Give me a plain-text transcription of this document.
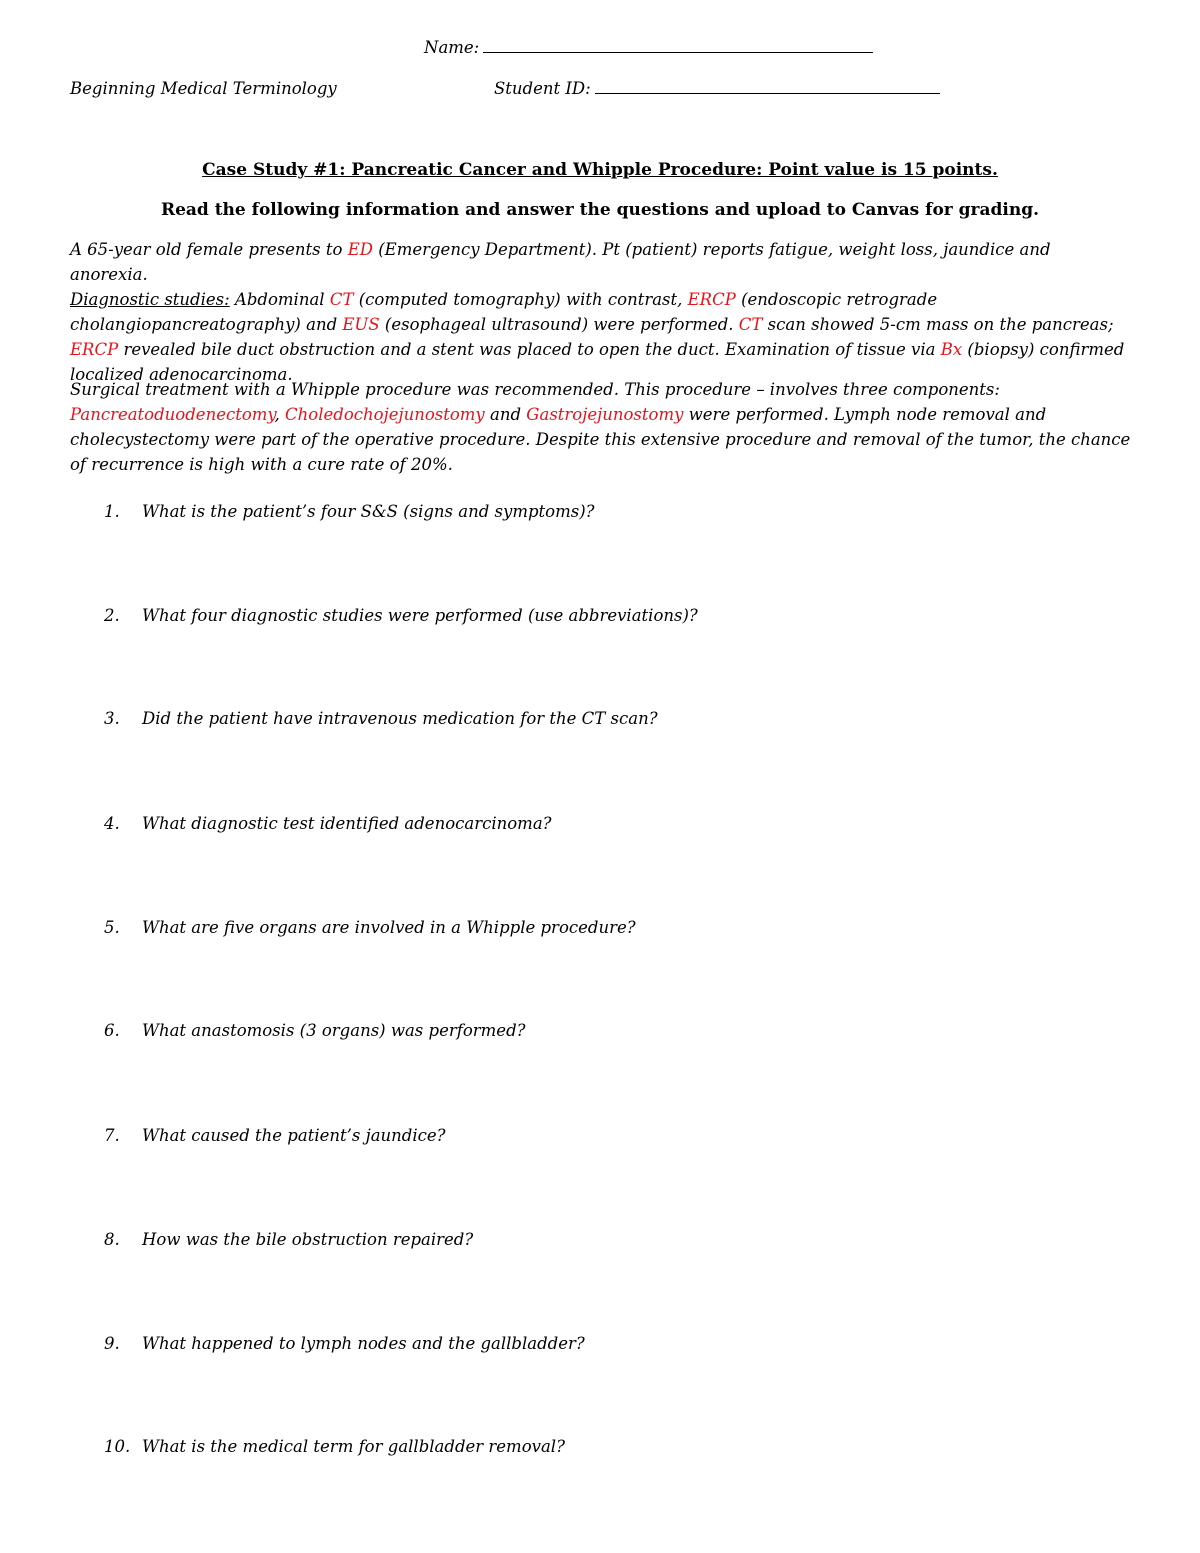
Name:
Beginning Medical Terminology	Student ID:
Case Study #1: Pancreatic Cancer and Whipple Procedure: Point value is 15 points.
Read the following information and answer the questions and upload to Canvas for grading.
A 65-year old female presents to ED (Emergency Department). Pt (patient) reports fatigue, weight loss, jaundice and anorexia.
Diagnostic studies: Abdominal CT (computed tomography) with contrast, ERCP (endoscopic retrograde cholangiopancreatography) and EUS (esophageal ultrasound) were performed. CT scan showed 5-cm mass on the pancreas; ERCP revealed bile duct obstruction and a stent was placed to open the duct. Examination of tissue via Bx (biopsy) confirmed localized adenocarcinoma.
Surgical treatment with a Whipple procedure was recommended. This procedure – involves three components: Pancreatoduodenectomy, Choledochojejunostomy and Gastrojejunostomy were performed. Lymph node removal and cholecystectomy were part of the operative procedure. Despite this extensive procedure and removal of the tumor, the chance of recurrence is high with a cure rate of 20%.
1. What is the patient’s four S&S (signs and symptoms)?
2. What four diagnostic studies were performed (use abbreviations)?
3. Did the patient have intravenous medication for the CT scan?
4. What diagnostic test identified adenocarcinoma?
5. What are five organs are involved in a Whipple procedure?
6. What anastomosis (3 organs) was performed?
7. What caused the patient’s jaundice?
8. How was the bile obstruction repaired?
9. What happened to lymph nodes and the gallbladder?
10. What is the medical term for gallbladder removal?
